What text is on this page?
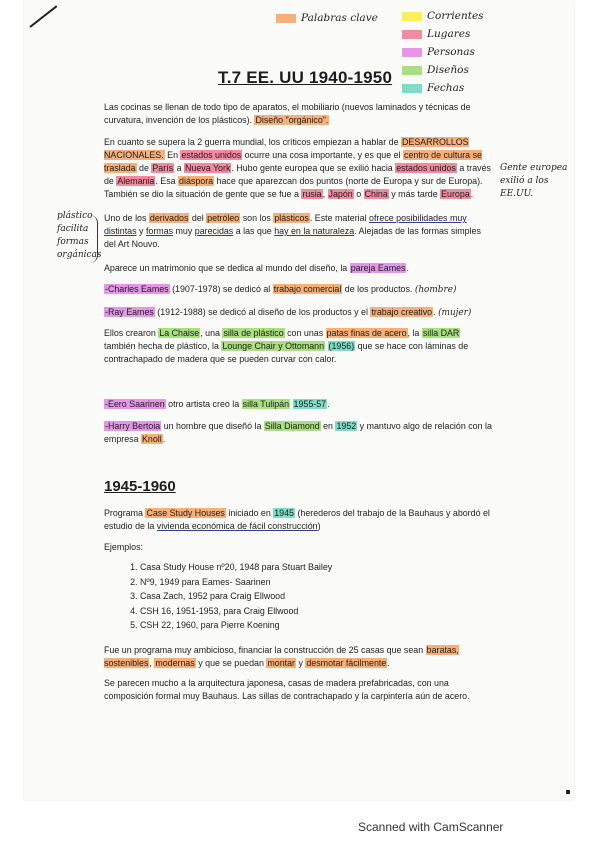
Palabras clave	Corrientes
Lugares
Personas
Diseños
Fechas
T.7 EE. UU 1940-1950
Las cocinas se llenan de todo tipo de aparatos, el mobiliario (nuevos laminados y técnicas de curvatura, invención de los plásticos). Diseño "orgánico".
En cuanto se supera la 2 guerra mundial, los críticos empiezan a hablar de DESARROLLOS NACIONALES. En estados unidos ocurre una cosa importante, y es que el centro de cultura se traslada de París a Nueva York. Hubo gente europea que se exilió hacia estados unidos a través de Alemania. Esa diáspora hace que aparezcan dos puntos (norte de Europa y sur de Europa). También se dio la situación de gente que se fue a rusia, Japón o China y más tarde Europa.
Gente europea exilió a los EE.UU.
Uno de los derivados del petróleo son los plásticos. Este material ofrece posibilidades muy distintas y formas muy parecidas a las que hay en la naturaleza. Alejadas de las formas simples del Art Nouvo.
plástico facilita formas orgánicas
Aparece un matrimonio que se dedica al mundo del diseño, la pareja Eames.
-Charles Eames (1907-1978) se dedicó al trabajo comercial de los productos. (hombre)
-Ray Eames (1912-1988) se dedicó al diseño de los productos y el trabajo creativo. (mujer)
Ellos crearon La Chaise, una silla de plástico con unas patas finas de acero, la silla DAR también hecha de plástico, la Lounge Chair y Ottomann (1956) que se hace con láminas de contrachapado de madera que se pueden curvar con calor.
-Eero Saarinen otro artista creo la silla Tulipán 1955-57.
-Harry Bertoia un hombre que diseñó la Silla Diamond en 1952 y mantuvo algo de relación con la empresa Knoll.
1945-1960
Programa Case Study Houses iniciado en 1945 (herederos del trabajo de la Bauhaus y abordó el estudio de la vivienda económica de fácil construcción)
Ejemplos:
1. Casa Study House nº20, 1948 para Stuart Bailey
2. Nº9, 1949 para Eames- Saarinen
3. Casa Zach, 1952 para Craig Ellwood
4. CSH 16, 1951-1953, para Craig Ellwood
5. CSH 22, 1960, para Pierre Koening
Fue un programa muy ambicioso, financiar la construcción de 25 casas que sean baratas, sostenibles, modernas y que se puedan montar y desmotar fácilmente.
Se parecen mucho a la arquitectura japonesa, casas de madera prefabricadas, con una composición formal muy Bauhaus. Las sillas de contrachapado y la carpintería aún de acero.
Scanned with CamScanner
